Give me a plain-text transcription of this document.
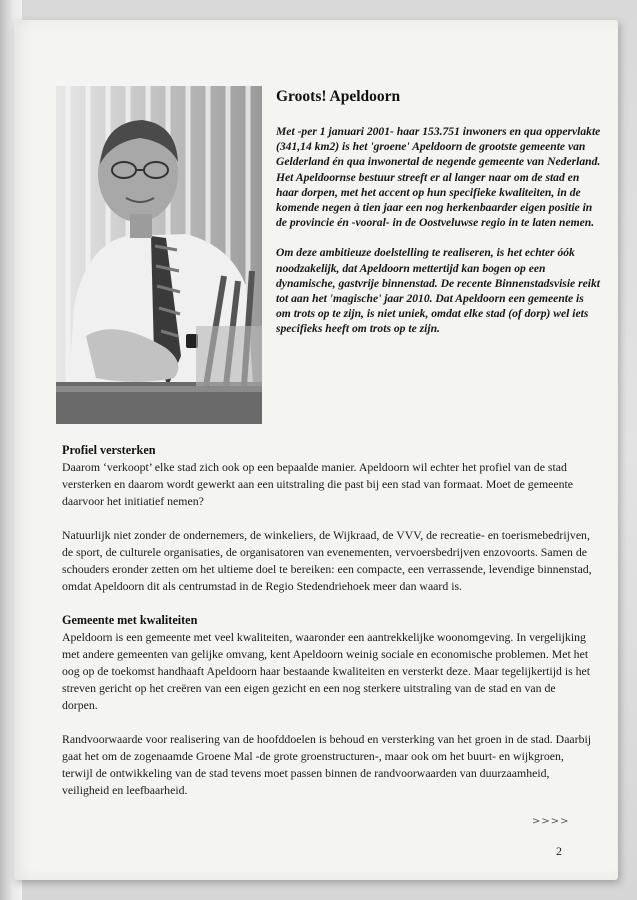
Groots! Apeldoorn

Met -per 1 januari 2001- haar 153.751 inwoners en qua oppervlakte (341,14 km2) is het 'groene' Apeldoorn de grootste gemeente van Gelderland én qua inwonertal de negende gemeente van Nederland. Het Apeldoornse bestuur streeft er al langer naar om de stad en haar dorpen, met het accent op hun specifieke kwaliteiten, in de komende negen à tien jaar een nog herkenbaarder eigen positie in de provincie én -vooral- in de Oostveluwse regio in te laten nemen.

Om deze ambitieuze doelstelling te realiseren, is het echter óók noodzakelijk, dat Apeldoorn mettertijd kan bogen op een dynamische, gastvrije binnenstad. De recente Binnenstadsvisie reikt tot aan het 'magische' jaar 2010. Dat Apeldoorn een gemeente is om trots op te zijn, is niet uniek, omdat elke stad (of dorp) wel iets specifieks heeft om trots op te zijn.

Profiel versterken

Daarom ‘verkoopt’ elke stad zich ook op een bepaalde manier. Apeldoorn wil echter het profiel van de stad versterken en daarom wordt gewerkt aan een uitstraling die past bij een stad van formaat. Moet de gemeente daarvoor het initiatief nemen?

Natuurlijk niet zonder de ondernemers, de winkeliers, de Wijkraad, de VVV, de recreatie- en toerismebedrijven, de sport, de culturele organisaties, de organisatoren van evenementen, vervoersbedrijven enzovoorts. Samen de schouders eronder zetten om het ultieme doel te bereiken: een compacte, een verrassende, levendige binnenstad, omdat Apeldoorn dit als centrumstad in de Regio Stedendriehoek meer dan waard is.

Gemeente met kwaliteiten

Apeldoorn is een gemeente met veel kwaliteiten, waaronder een aantrekkelijke woonomgeving. In vergelijking met andere gemeenten van gelijke omvang, kent Apeldoorn weinig sociale en economische problemen. Met het oog op de toekomst handhaaft Apeldoorn haar bestaande kwaliteiten en versterkt deze. Maar tegelijkertijd is het streven gericht op het creëren van een eigen gezicht en een nog sterkere uitstraling van de stad en van de dorpen.

Randvoorwaarde voor realisering van de hoofddoelen is behoud en versterking van het groen in de stad. Daarbij gaat het om de zogenaamde Groene Mal -de grote groenstructuren-, maar ook om het buurt- en wijkgroen, terwijl de ontwikkeling van de stad tevens moet passen binnen de randvoorwaarden van duurzaamheid, veiligheid en leefbaarheid.

>>>>
2
